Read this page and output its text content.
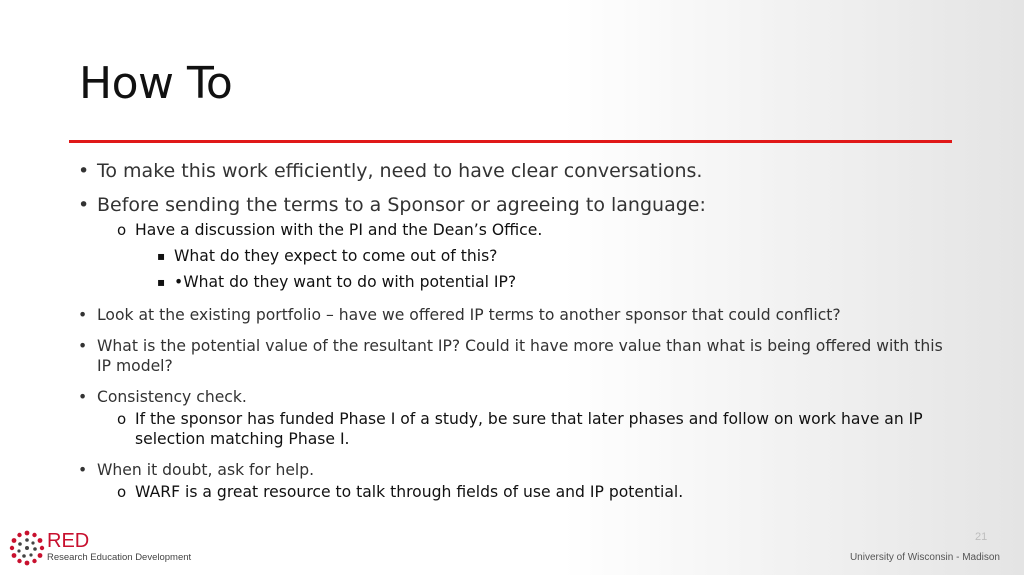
How To
• To make this work efficiently, need to have clear conversations.
• Before sending the terms to a Sponsor or agreeing to language:
o Have a discussion with the PI and the Dean’s Office.
▪ What do they expect to come out of this?
▪ •What do they want to do with potential IP?
• Look at the existing portfolio – have we offered IP terms to another sponsor that could conflict?
• What is the potential value of the resultant IP? Could it have more value than what is being offered with this IP model?
• Consistency check.
o If the sponsor has funded Phase I of a study, be sure that later phases and follow on work have an IP selection matching Phase I.
• When it doubt, ask for help.
o WARF is a great resource to talk through fields of use and IP potential.

RED

Research Education Development

21
University of Wisconsin - Madison
